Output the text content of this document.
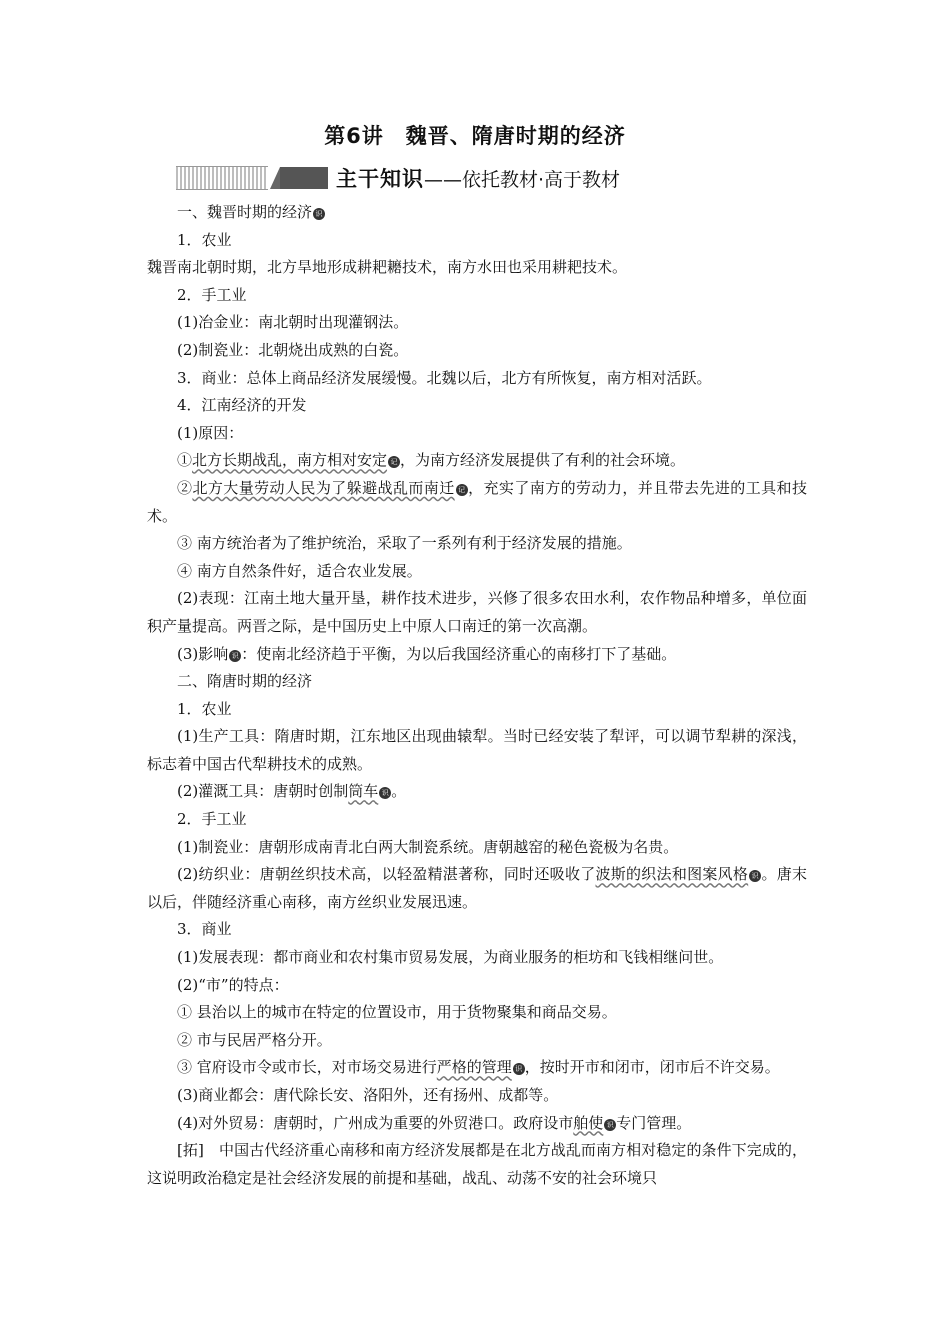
第6讲　魏晋、隋唐时期的经济
主干知识 ——依托教材·高于教材

一、魏晋时期的经济 识

1．农业

魏晋南北朝时期，北方旱地形成耕耙耱技术，南方水田也采用耕耙技术。

2．手工业

(1)冶金业：南北朝时出现灌钢法。

(2)制瓷业：北朝烧出成熟的白瓷。

3．商业：总体上商品经济发展缓慢。北魏以后，北方有所恢复，南方相对活跃。

4．江南经济的开发

(1)原因：

①北方长期战乱，南方相对安定 记 ，为南方经济发展提供了有利的社会环境。

②北方大量劳动人民为了躲避战乱而南迁 记 ，充实了南方的劳动力，并且带去先进的工具和技术。

③ 南方统治者为了维护统治，采取了一系列有利于经济发展的措施。

④ 南方自然条件好，适合农业发展。

(2)表现：江南土地大量开垦，耕作技术进步，兴修了很多农田水利，农作物品种增多，单位面积产量提高。两晋之际，是中国历史上中原人口南迁的第一次高潮。

(3)影响 识 ：使南北经济趋于平衡，为以后我国经济重心的南移打下了基础。

二、隋唐时期的经济

1．农业

(1)生产工具：隋唐时期，江东地区出现曲辕犁。当时已经安装了犁评，可以调节犁耕的深浅，标志着中国古代犁耕技术的成熟。

(2)灌溉工具：唐朝时创制筒车 识 。

2．手工业

(1)制瓷业：唐朝形成南青北白两大制瓷系统。唐朝越窑的秘色瓷极为名贵。

(2)纺织业：唐朝丝织技术高，以轻盈精湛著称，同时还吸收了波斯的织法和图案风格 识 。唐末以后，伴随经济重心南移，南方丝织业发展迅速。

3．商业

(1)发展表现：都市商业和农村集市贸易发展，为商业服务的柜坊和飞钱相继问世。

(2)“市”的特点：

① 县治以上的城市在特定的位置设市，用于货物聚集和商品交易。

② 市与民居严格分开。

③ 官府设市令或市长，对市场交易进行严格的管理 识 ，按时开市和闭市，闭市后不许交易。

(3)商业都会：唐代除长安、洛阳外，还有扬州、成都等。

(4)对外贸易：唐朝时，广州成为重要的外贸港口。政府设市舶使 识 专门管理。

[拓]　中国古代经济重心南移和南方经济发展都是在北方战乱而南方相对稳定的条件下完成的，这说明政治稳定是社会经济发展的前提和基础，战乱、动荡不安的社会环境只
